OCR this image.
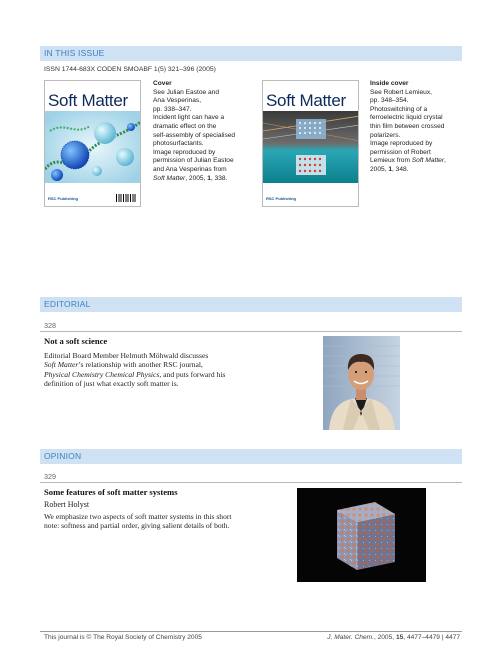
IN THIS ISSUE
ISSN 1744-683X CODEN SMOABF 1(5) 321–396 (2005)
Soft Matter
RSC Publishing
Cover
See Julian Eastoe and
Ana Vesperinas,
pp. 338–347.
Incident light can have a
dramatic effect on the
self-assembly of specialised
photosurfactants.
Image reproduced by
permission of Julian Eastoe
and Ana Vesperinas from
Soft Matter, 2005, 1, 338.
Soft Matter
RSC Publishing
Inside cover
See Robert Lemieux,
pp. 348–354.
Photoswitching of a
ferroelectric liquid crystal
thin film between crossed
polarizers.
Image reproduced by
permission of Robert
Lemieux from Soft Matter,
2005, 1, 348.
EDITORIAL
328
Not a soft science
Editorial Board Member Helmuth Möhwald discusses
Soft Matter’s relationship with another RSC journal,
Physical Chemistry Chemical Physics, and puts forward his
definition of just what exactly soft matter is.
OPINION
329
Some features of soft matter systems
Robert Holyst
We emphasize two aspects of soft matter systems in this short
note: softness and partial order, giving salient details of both.
This journal is © The Royal Society of Chemistry 2005	J. Mater. Chem., 2005, 15, 4477–4479 | 4477
